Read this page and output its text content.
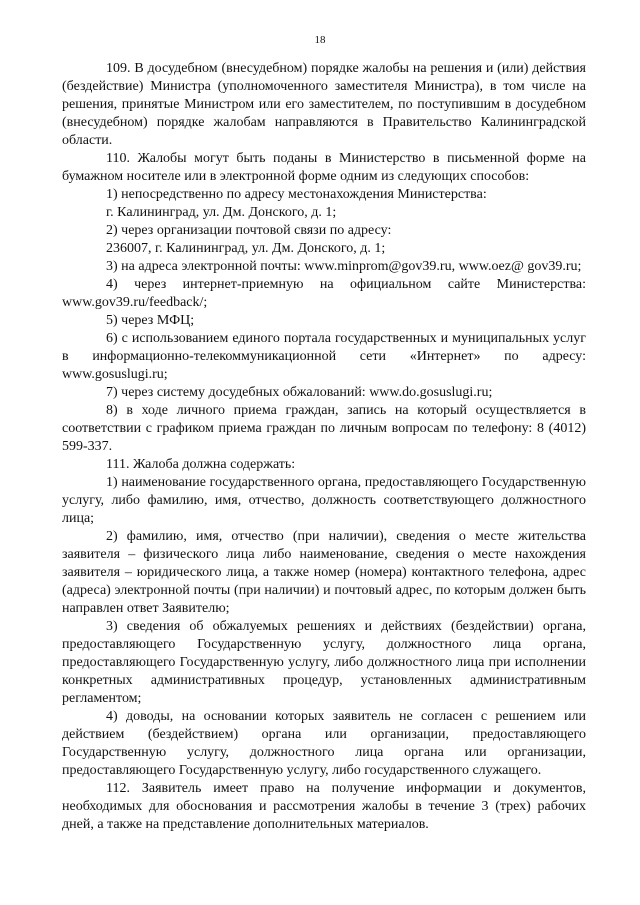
18

109. В досудебном (внесудебном) порядке жалобы на решения и (или) действия (бездействие) Министра (уполномоченного заместителя Министра), в том числе на решения, принятые Министром или его заместителем, по поступившим в досудебном (внесудебном) порядке жалобам направляются в Правительство Калининградской области.

110. Жалобы могут быть поданы в Министерство в письменной форме на бумажном носителе или в электронной форме одним из следующих способов:

1) непосредственно по адресу местонахождения Министерства:

г. Калининград, ул. Дм. Донского, д. 1;

2) через организации почтовой связи по адресу:

236007, г. Калининград, ул. Дм. Донского, д. 1;

3) на адреса электронной почты: www.minprom@gov39.ru, www.oez@ gov39.ru;

4) через интернет-приемную на официальном сайте Министерства: www.gov39.ru/feedback/;

5) через МФЦ;

6) с использованием единого портала государственных и муниципальных услуг в информационно-телекоммуникационной сети «Интернет» по адресу: www.gosuslugi.ru;

7) через систему досудебных обжалований: www.do.gosuslugi.ru;

8) в ходе личного приема граждан, запись на который осуществляется в соответствии с графиком приема граждан по личным вопросам по телефону: 8 (4012) 599-337.

111. Жалоба должна содержать:

1) наименование государственного органа, предоставляющего Государственную услугу, либо фамилию, имя, отчество, должность соответствующего должностного лица;

2) фамилию, имя, отчество (при наличии), сведения о месте жительства заявителя – физического лица либо наименование, сведения о месте нахождения заявителя – юридического лица, а также номер (номера) контактного телефона, адрес (адреса) электронной почты (при наличии) и почтовый адрес, по которым должен быть направлен ответ Заявителю;

3) сведения об обжалуемых решениях и действиях (бездействии) органа, предоставляющего Государственную услугу, должностного лица органа, предоставляющего Государственную услугу, либо должностного лица при исполнении конкретных административных процедур, установленных административным регламентом;

4) доводы, на основании которых заявитель не согласен с решением или действием (бездействием) органа или организации, предоставляющего Государственную услугу, должностного лица органа или организации, предоставляющего Государственную услугу, либо государственного служащего.

112. Заявитель имеет право на получение информации и документов, необходимых для обоснования и рассмотрения жалобы в течение 3 (трех) рабочих дней, а также на представление дополнительных материалов.
